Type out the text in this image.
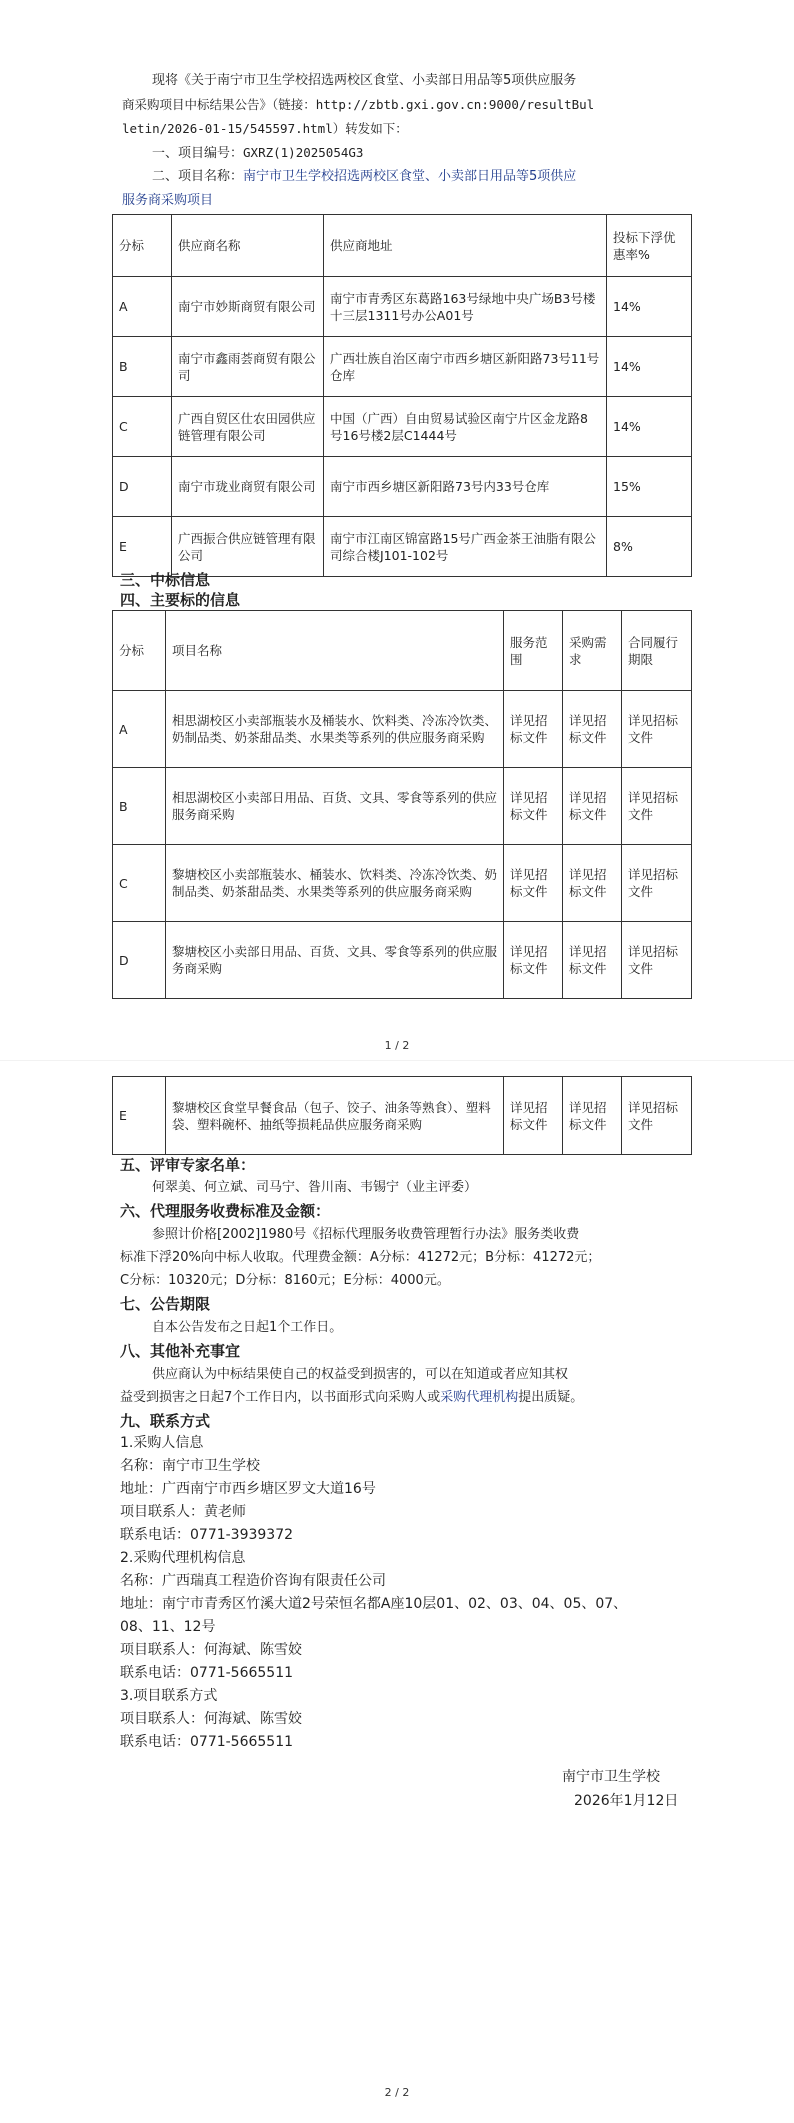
现将《关于南宁市卫生学校招选两校区食堂、小卖部日用品等5项供应服务
商采购项目中标结果公告》（链接：http://zbtb.gxi.gov.cn:9000/resultBul
letin/2026-01-15/545597.html）转发如下：
一、项目编号：GXRZ(1)2025054G3
二、项目名称：南宁市卫生学校招选两校区食堂、小卖部日用品等5项供应
服务商采购项目
分标	供应商名称	供应商地址	投标下浮优惠率%
A	南宁市妙斯商贸有限公司	南宁市青秀区东葛路163号绿地中央广场B3号楼十三层1311号办公A01号	14%
B	南宁市鑫雨荟商贸有限公司	广西壮族自治区南宁市西乡塘区新阳路73号11号仓库	14%
C	广西自贸区仕农田园供应链管理有限公司	中国（广西）自由贸易试验区南宁片区金龙路8号16号楼2层C1444号	14%
D	南宁市珑业商贸有限公司	南宁市西乡塘区新阳路73号内33号仓库	15%
E	广西振合供应链管理有限公司	南宁市江南区锦富路15号广西金茶王油脂有限公司综合楼J101-102号	8%
三、中标信息
四、主要标的信息
分标	项目名称	服务范围	采购需求	合同履行期限
A	相思湖校区小卖部瓶装水及桶装水、饮料类、冷冻冷饮类、奶制品类、奶茶甜品类、水果类等系列的供应服务商采购	详见招标文件	详见招标文件	详见招标文件
B	相思湖校区小卖部日用品、百货、文具、零食等系列的供应服务商采购	详见招标文件	详见招标文件	详见招标文件
C	黎塘校区小卖部瓶装水、桶装水、饮料类、冷冻冷饮类、奶制品类、奶茶甜品类、水果类等系列的供应服务商采购	详见招标文件	详见招标文件	详见招标文件
D	黎塘校区小卖部日用品、百货、文具、零食等系列的供应服务商采购	详见招标文件	详见招标文件	详见招标文件
1 / 2
E	黎塘校区食堂早餐食品（包子、饺子、油条等熟食）、塑料袋、塑料碗杯、抽纸等损耗品供应服务商采购	详见招标文件	详见招标文件	详见招标文件
五、评审专家名单：
何翠美、何立斌、司马宁、昝川南、韦锡宁（业主评委）
六、代理服务收费标准及金额：
参照计价格[2002]1980号《招标代理服务收费管理暂行办法》服务类收费
标准下浮20%向中标人收取。代理费金额：A分标：41272元；B分标：41272元；
C分标：10320元；D分标：8160元；E分标：4000元。
七、公告期限
自本公告发布之日起1个工作日。
八、其他补充事宜
供应商认为中标结果使自己的权益受到损害的，可以在知道或者应知其权
益受到损害之日起7个工作日内，以书面形式向采购人或采购代理机构提出质疑。
九、联系方式
1.采购人信息
名称：南宁市卫生学校
地址：广西南宁市西乡塘区罗文大道16号
项目联系人：黄老师
联系电话：0771-3939372
2.采购代理机构信息
名称：广西瑞真工程造价咨询有限责任公司
地址：南宁市青秀区竹溪大道2号荣恒名都A座10层01、02、03、04、05、07、
08、11、12号
项目联系人：何海斌、陈雪姣
联系电话：0771-5665511
3.项目联系方式
项目联系人：何海斌、陈雪姣
联系电话：0771-5665511
南宁市卫生学校
2026年1月12日
2 / 2
